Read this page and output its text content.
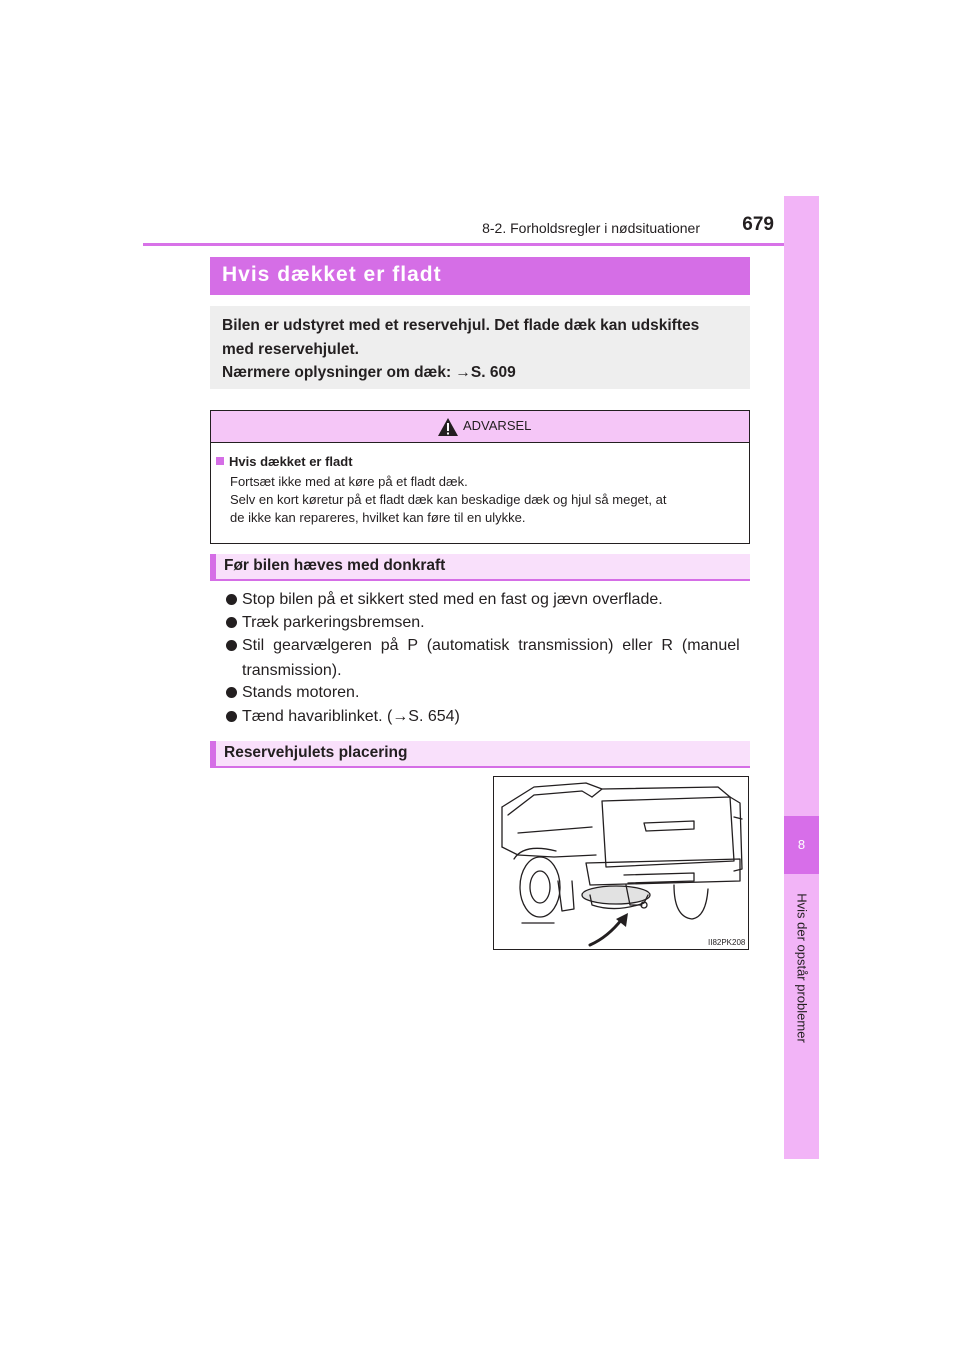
8-2. Forholdsregler i nødsituationer	679
8
Hvis der opstår problemer
Hvis dækket er fladt
Bilen er udstyret med et reservehjul. Det flade dæk kan udskiftes
med reservehjulet.
Nærmere oplysninger om dæk: →S. 609
ADVARSEL
Hvis dækket er fladt
Fortsæt ikke med at køre på et fladt dæk.
Selv en kort køretur på et fladt dæk kan beskadige dæk og hjul så meget, at
de ikke kan repareres, hvilket kan føre til en ulykke.
Før bilen hæves med donkraft
Stop bilen på et sikkert sted med en fast og jævn overflade.
Træk parkeringsbremsen.
Stil  gearvælgeren  på  P  (automatisk  transmission)  eller  R  (manuel
transmission).
Stands motoren.
Tænd havariblinket. (→S. 654)
Reservehjulets placering
II82PK208
